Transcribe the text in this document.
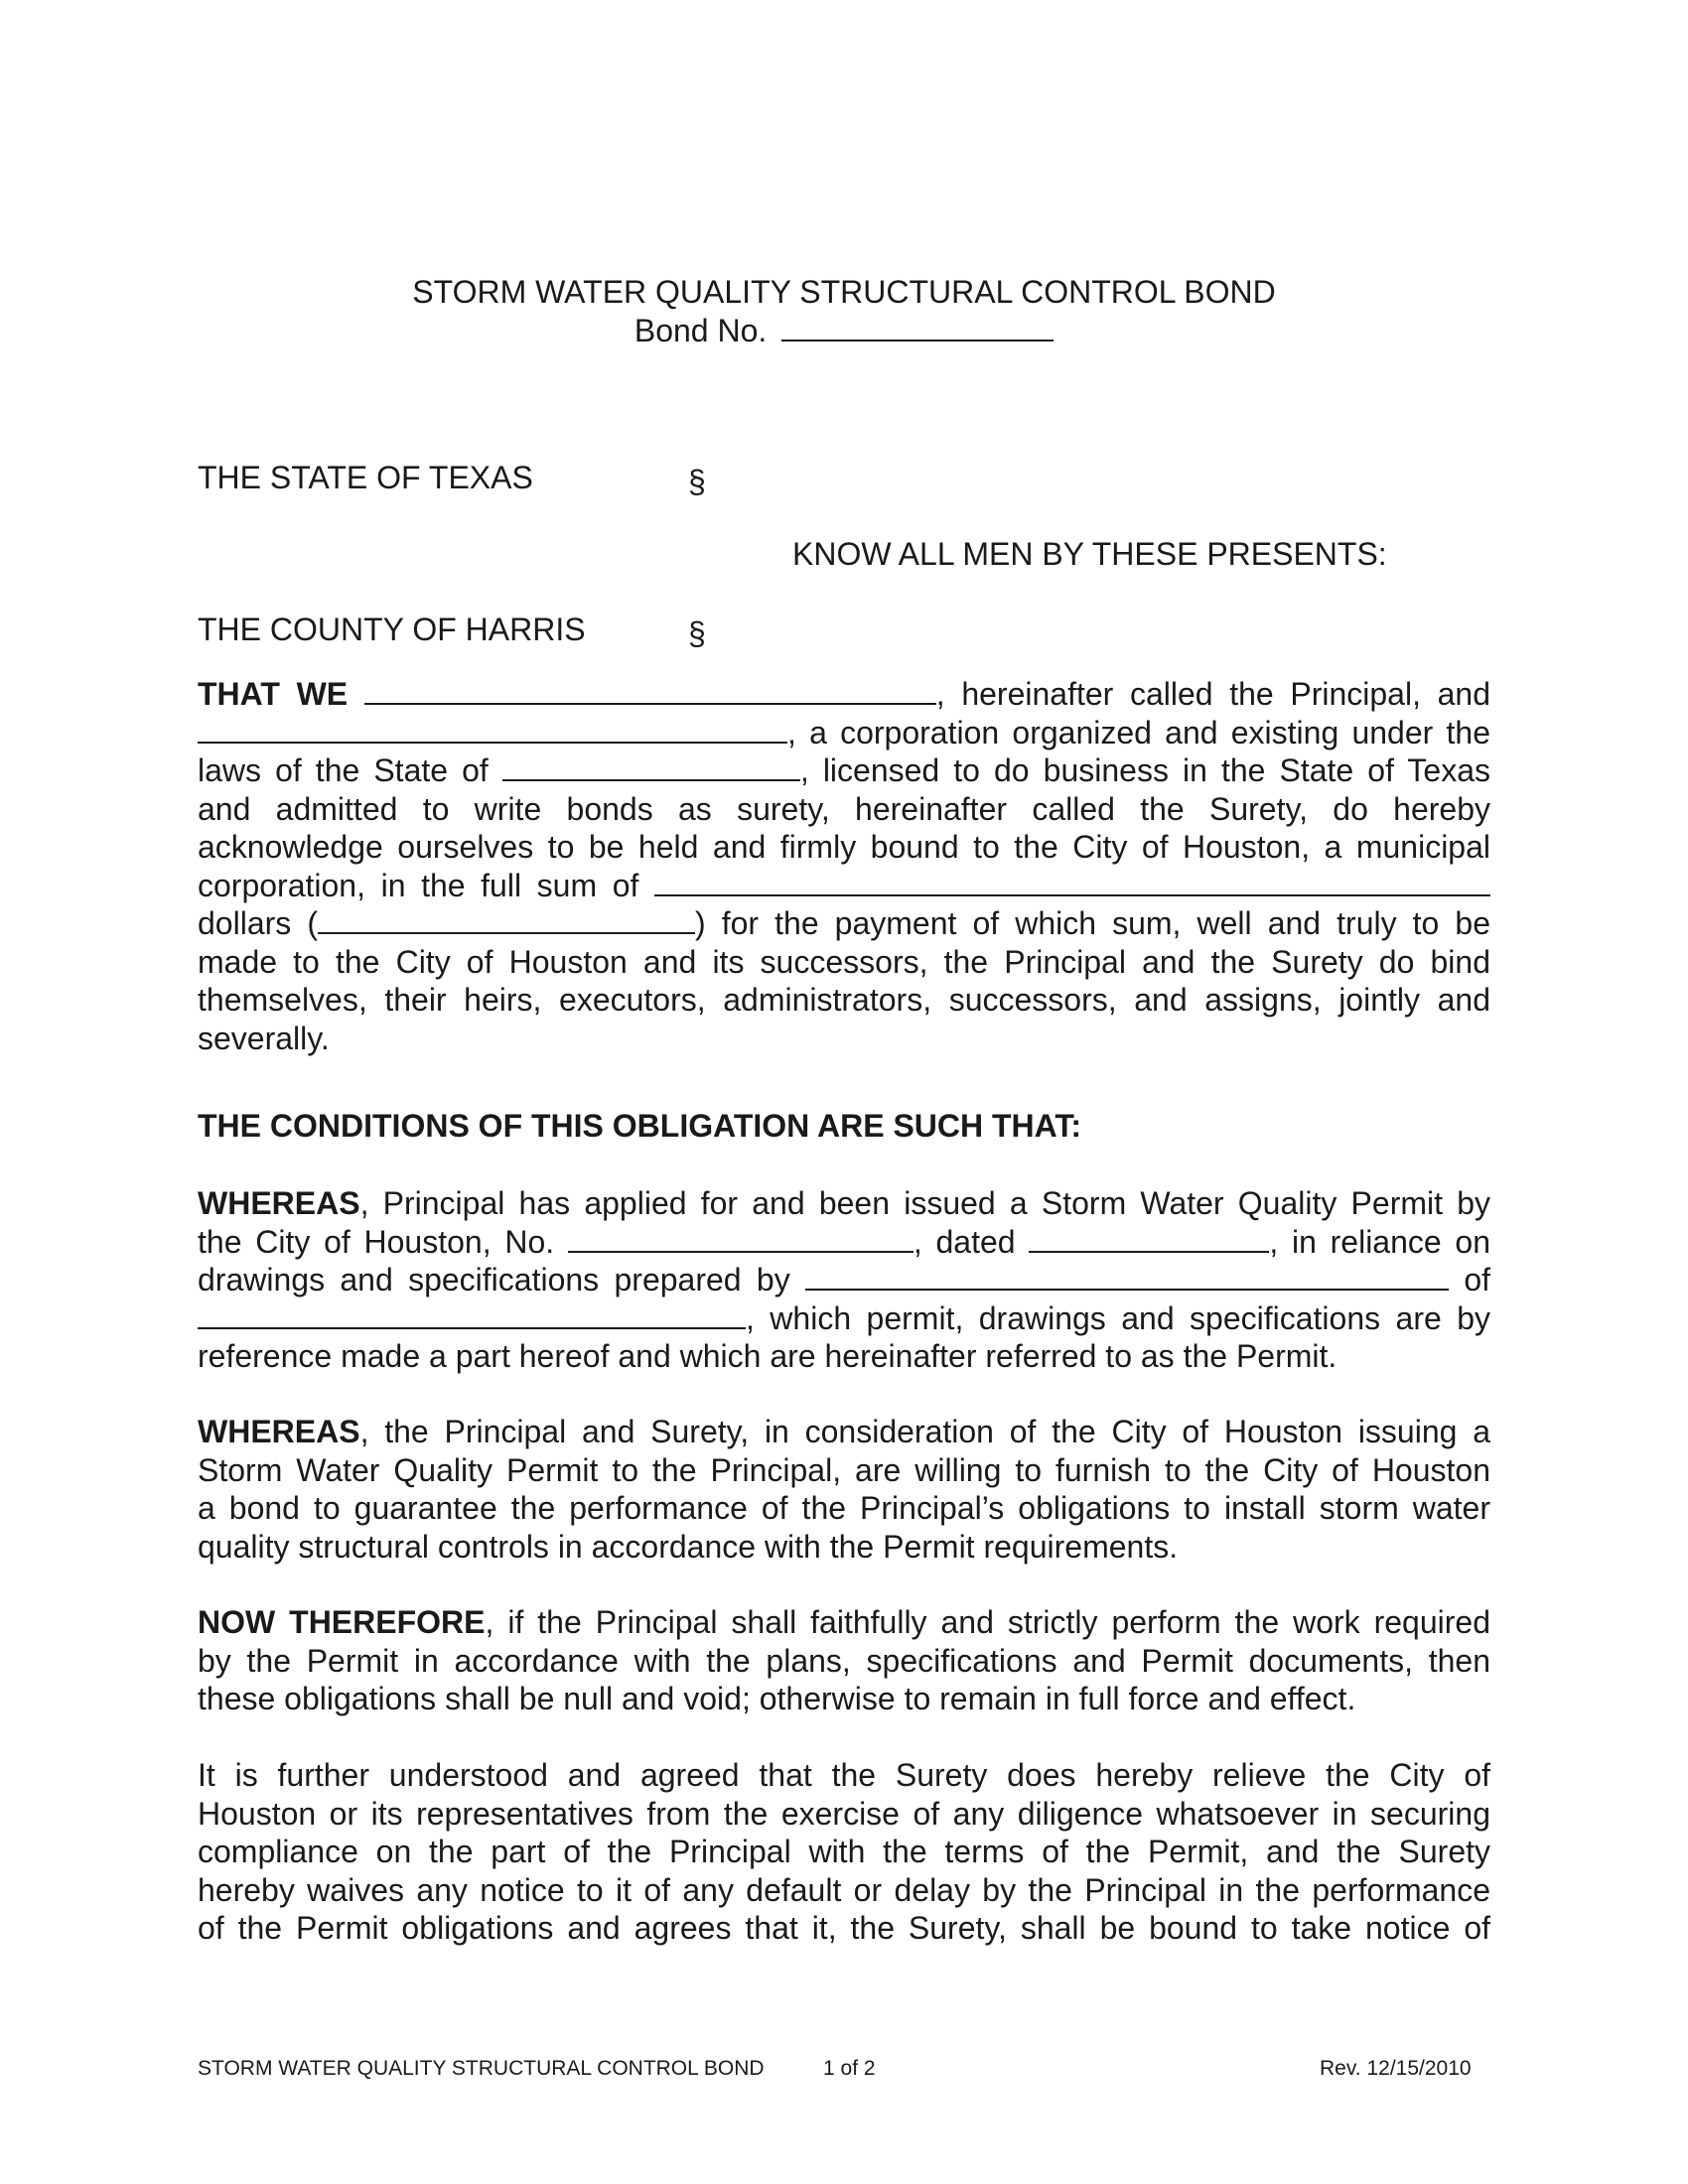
STORM WATER QUALITY STRUCTURAL CONTROL BOND
Bond No.
THE STATE OF TEXAS	§
KNOW ALL MEN BY THESE PRESENTS:
THE COUNTY OF HARRIS	§
THAT WE	, hereinafter called the Principal, and
, a corporation organized and existing under the
laws of the State of	, licensed to do business in the State of Texas
and admitted to write bonds as surety, hereinafter called the Surety, do hereby
acknowledge ourselves to be held and firmly bound to the City of Houston, a municipal
corporation, in the full sum of
dollars (	) for the payment of which sum, well and truly to be
made to the City of Houston and its successors, the Principal and the Surety do bind
themselves, their heirs, executors, administrators, successors, and assigns, jointly and
severally.
THE CONDITIONS OF THIS OBLIGATION ARE SUCH THAT:
WHEREAS, Principal has applied for and been issued a Storm Water Quality Permit by
the City of Houston, No.	, dated	, in reliance on
drawings and specifications prepared by	of
, which permit, drawings and specifications are by
reference made a part hereof and which are hereinafter referred to as the Permit.
WHEREAS, the Principal and Surety, in consideration of the City of Houston issuing a
Storm Water Quality Permit to the Principal, are willing to furnish to the City of Houston
a bond to guarantee the performance of the Principal’s obligations to install storm water
quality structural controls in accordance with the Permit requirements.
NOW THEREFORE, if the Principal shall faithfully and strictly perform the work required
by the Permit in accordance with the plans, specifications and Permit documents, then
these obligations shall be null and void; otherwise to remain in full force and effect.
It is further understood and agreed that the Surety does hereby relieve the City of
Houston or its representatives from the exercise of any diligence whatsoever in securing
compliance on the part of the Principal with the terms of the Permit, and the Surety
hereby waives any notice to it of any default or delay by the Principal in the performance
of the Permit obligations and agrees that it, the Surety, shall be bound to take notice of
STORM WATER QUALITY STRUCTURAL CONTROL BOND	1 of 2	Rev. 12/15/2010
